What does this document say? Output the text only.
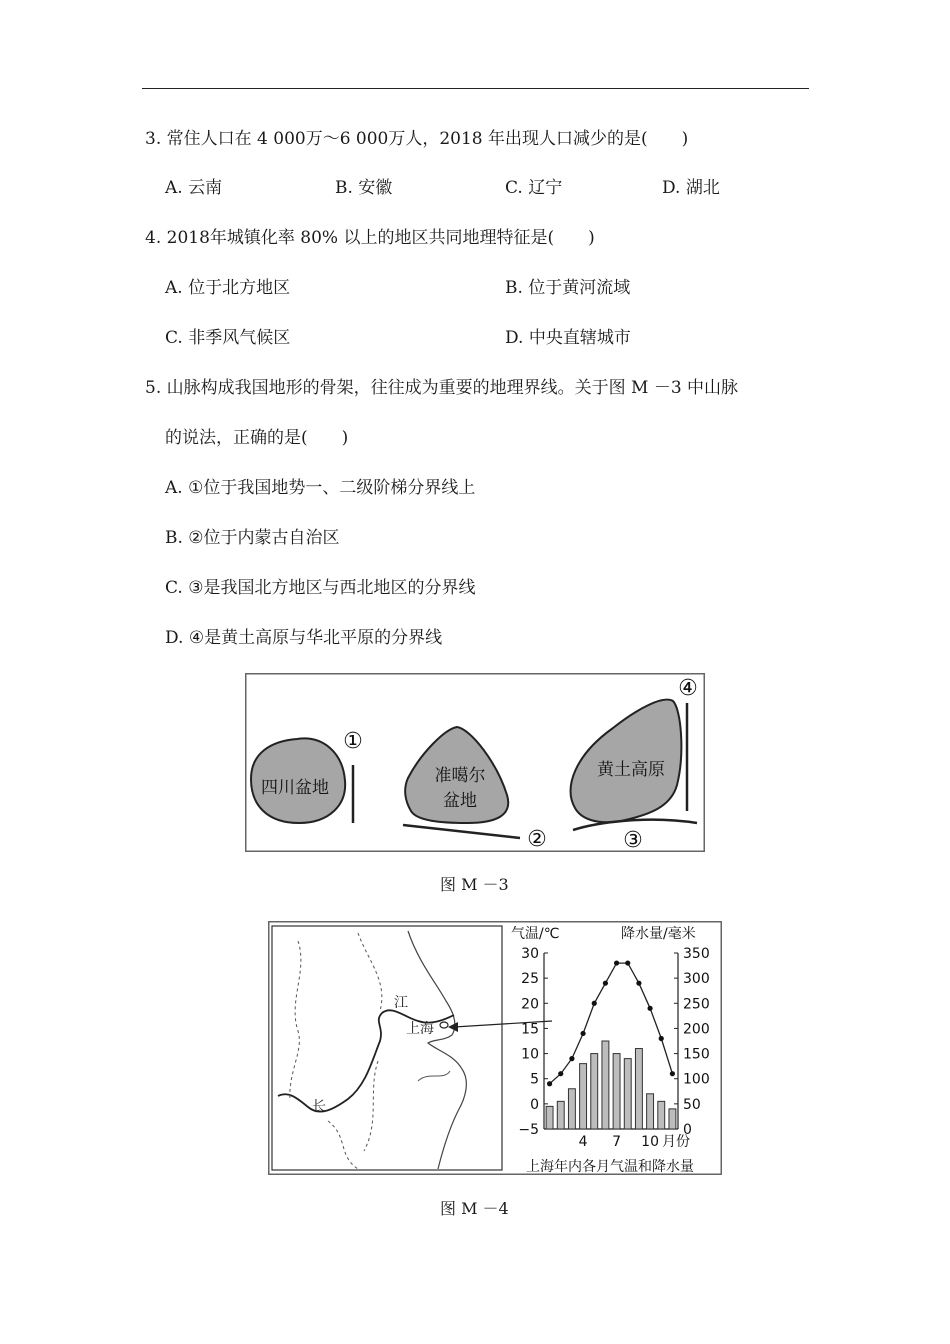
3. 常住人口在 4 000万～6 000万人，2018 年出现人口减少的是(　　)
A. 云南	B. 安徽	C. 辽宁	D. 湖北
4. 2018年城镇化率 80% 以上的地区共同地理特征是(　　)
A. 位于北方地区	B. 位于黄河流域
C. 非季风气候区	D. 中央直辖城市
5. 山脉构成我国地形的骨架，往往成为重要的地理界线。关于图 M －3 中山脉
的说法，正确的是(　　)
A. ①位于我国地势一、二级阶梯分界线上
B. ②位于内蒙古自治区
C. ③是我国北方地区与西北地区的分界线
D. ④是黄土高原与华北平原的分界线
四川盆地
①
准噶尔
盆地
②
黄土高原
④
③
图 M －3
江
上海
长
气温/℃	降水量/毫米
月份
上海年内各月气温和降水量
−5
0
5
10
15
20
25
30
0
50
100
150
200
250
300
350
4 7 10
图 M －4
